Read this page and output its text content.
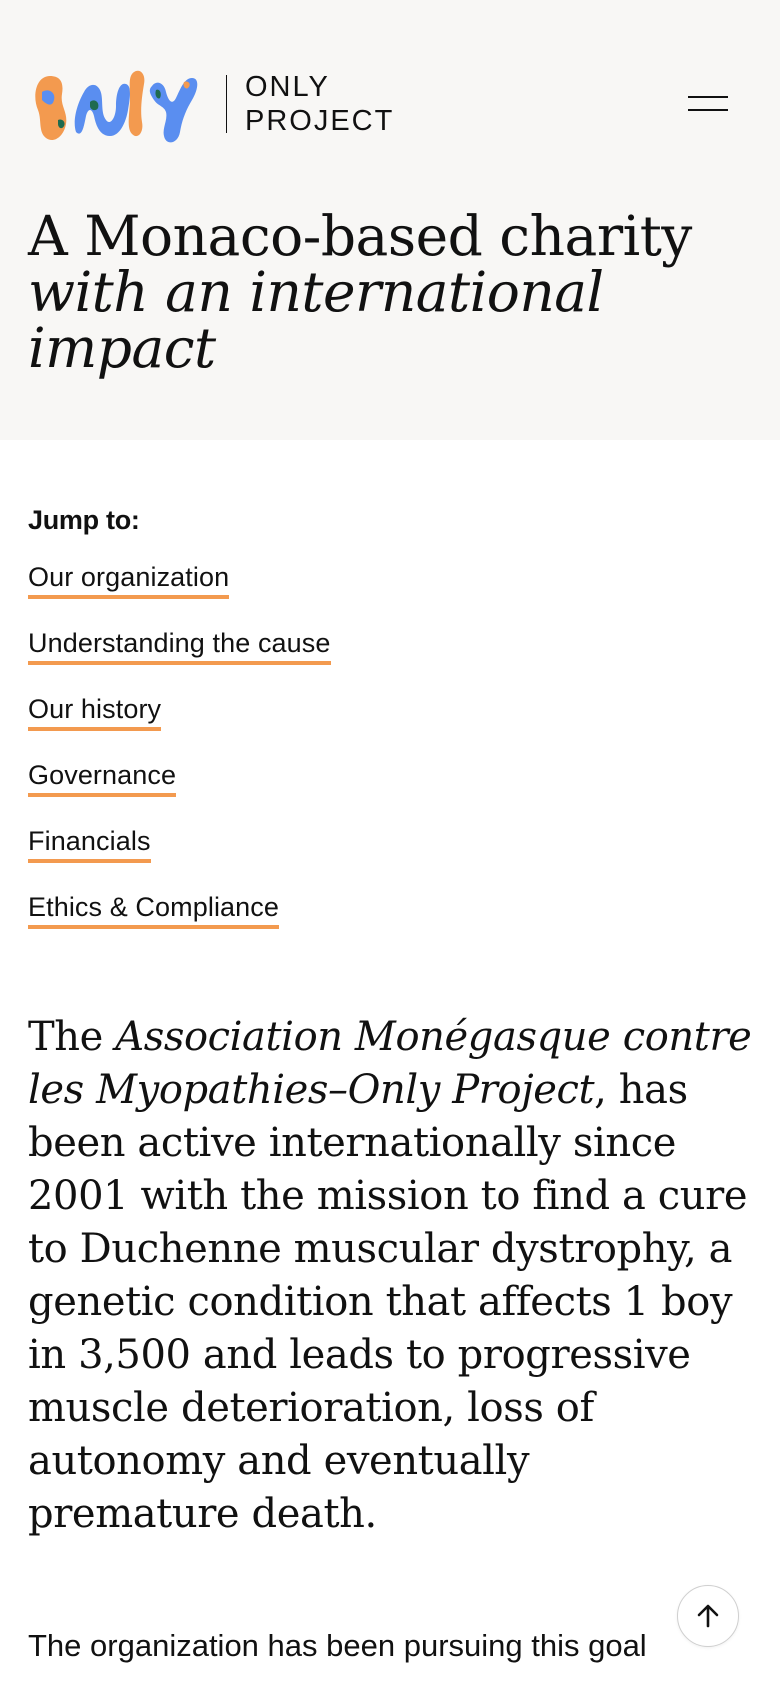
ONLY
PROJECT
A Monaco-based charity
with an international
impact
Jump to:
Our organization
Understanding the cause
Our history
Governance
Financials
Ethics & Compliance

The Association Monégasque contre les Myopathies–Only Project, has been active internationally since 2001 with the mission to find a cure to Duchenne muscular dystrophy, a genetic condition that affects 1 boy in 3,500 and leads to progressive muscle deterioration, loss of autonomy and eventually premature death.

The organization has been pursuing this goal
